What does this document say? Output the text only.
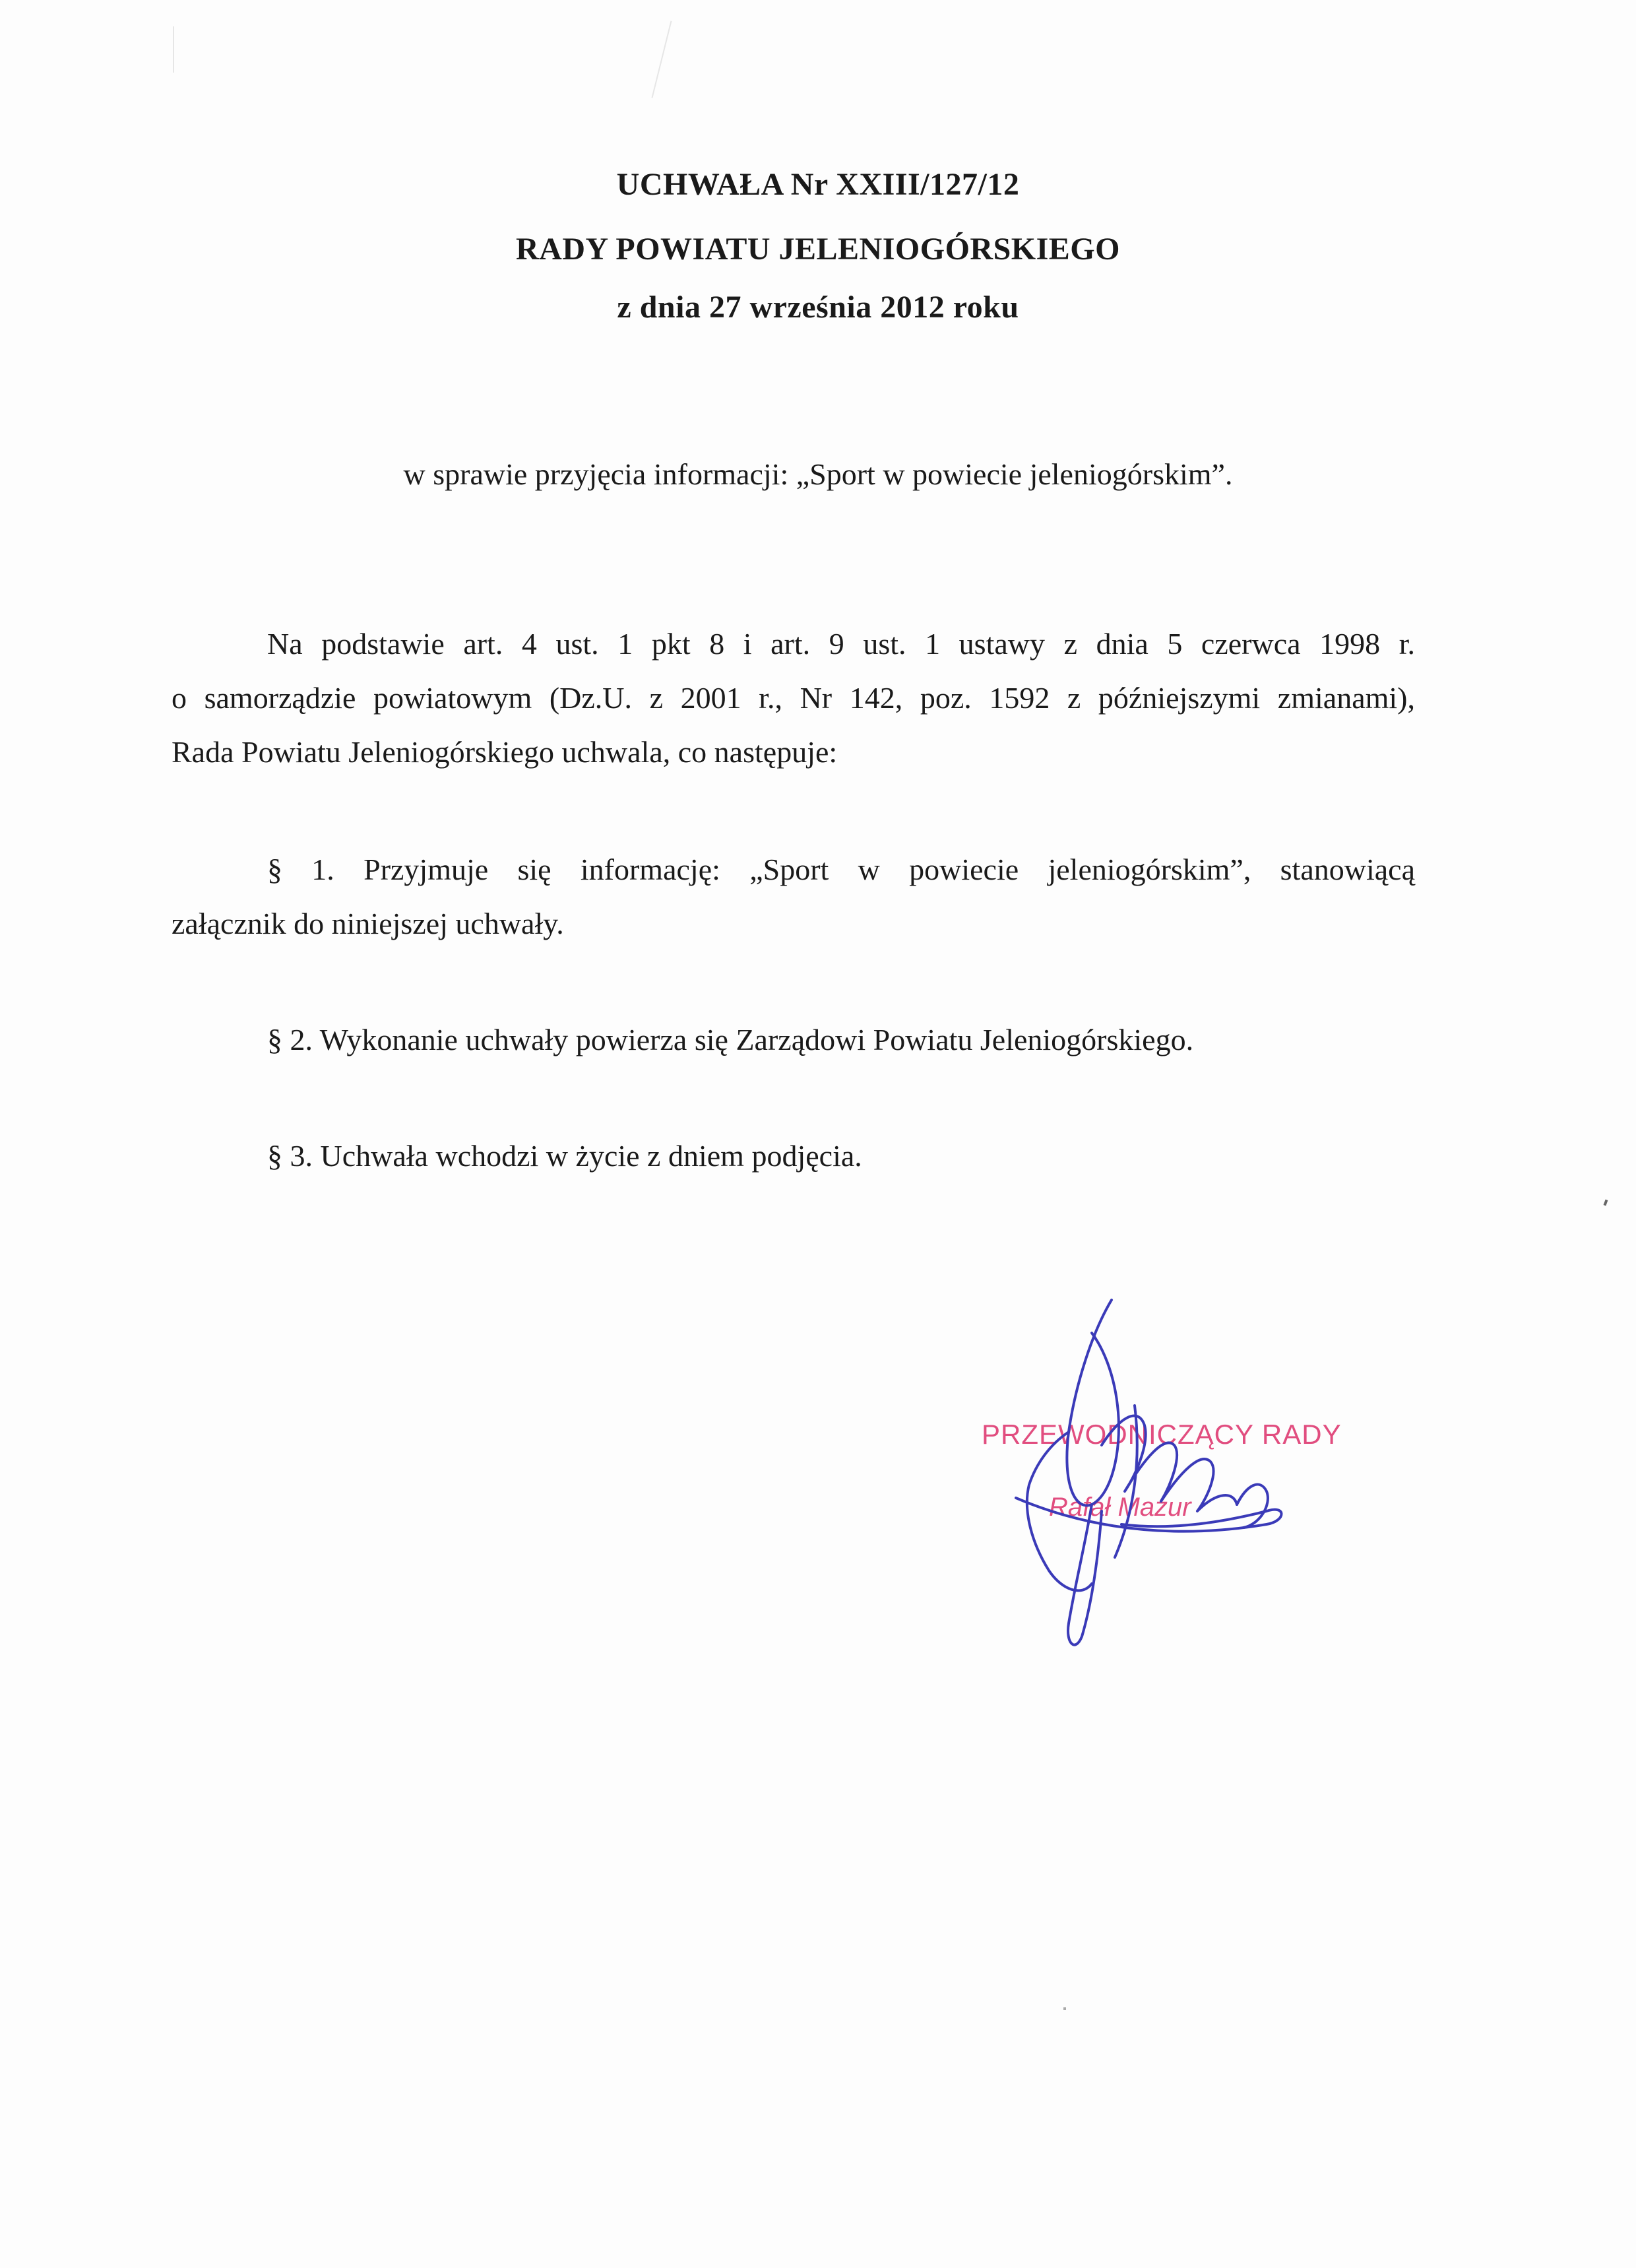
UCHWAŁA Nr XXIII/127/12
RADY POWIATU JELENIOGÓRSKIEGO
z dnia 27 września 2012 roku
w sprawie przyjęcia informacji: „Sport w powiecie jeleniogórskim”.
Na podstawie art. 4 ust. 1 pkt 8 i art. 9 ust. 1 ustawy z dnia 5 czerwca 1998 r.
o samorządzie powiatowym (Dz.U. z 2001 r., Nr 142, poz. 1592 z późniejszymi zmianami),
Rada Powiatu Jeleniogórskiego uchwala, co następuje:
§ 1. Przyjmuje się informację: „Sport w powiecie jeleniogórskim”, stanowiącą
załącznik do niniejszej uchwały.
§ 2. Wykonanie uchwały powierza się Zarządowi Powiatu Jeleniogórskiego.
§ 3. Uchwała wchodzi w życie z dniem podjęcia.
PRZEWODNICZĄCY RADY
Rafał Mazur
